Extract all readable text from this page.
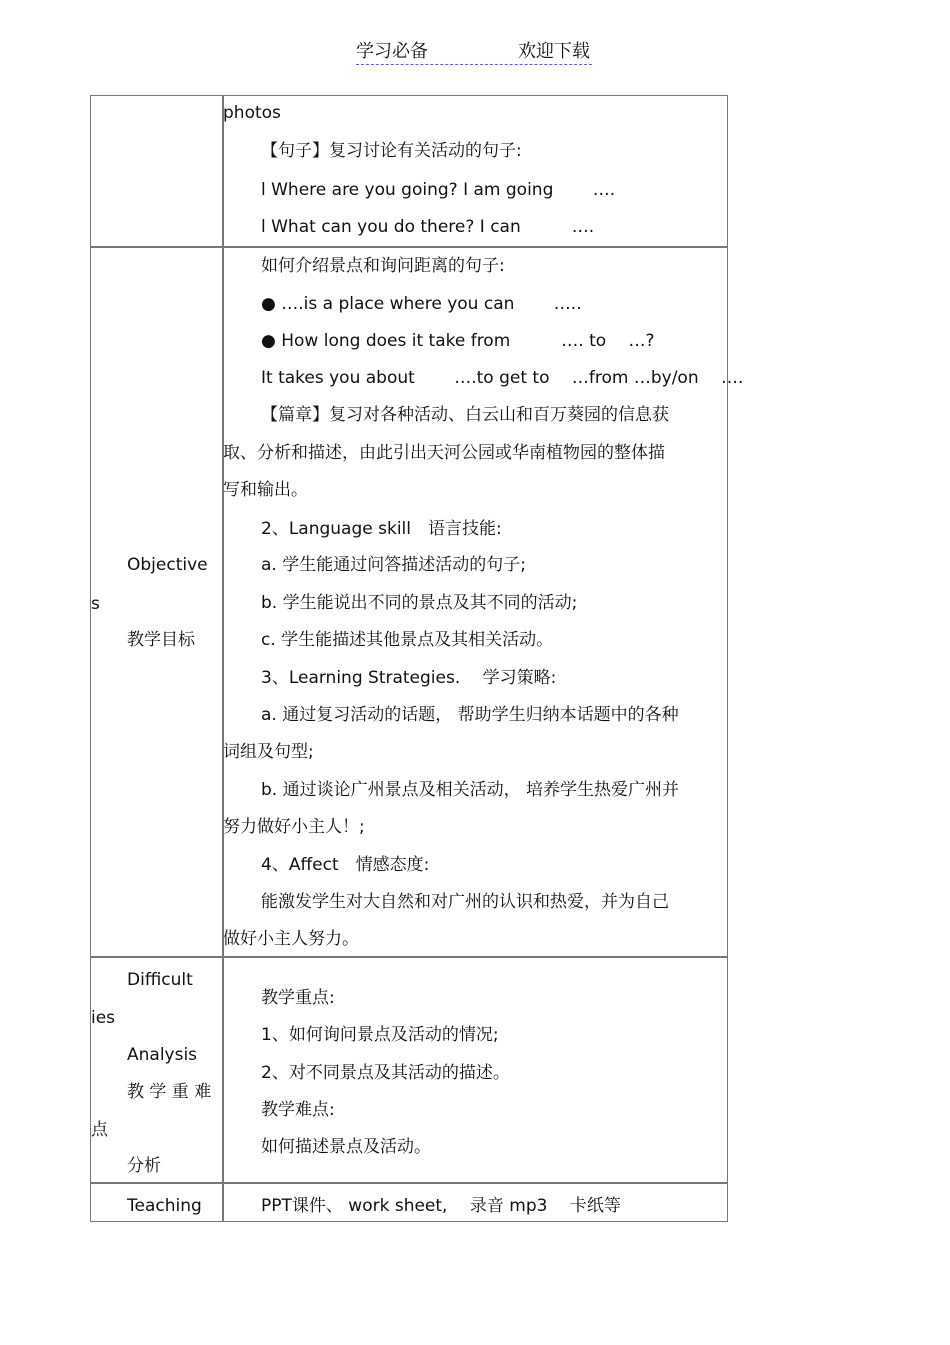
学习必备	欢迎下载
photos
【句子】复习讨论有关活动的句子:
l Where are you going? I am going　　 ….
l What can you do there? I can　　　….
Objective
s
教学目标
如何介绍景点和询问距离的句子:
● ….is a place where you can　　 …..
● How long does it take from　　　…. to　 …?
It takes you about　　 ….to get to　 …from …by/on　 ….
【篇章】复习对各种活动、白云山和百万葵园的信息获
取、分析和描述，由此引出天河公园或华南植物园的整体描
写和输出。
2、Language skill　语言技能:
a. 学生能通过问答描述活动的句子;
b. 学生能说出不同的景点及其不同的活动;
c. 学生能描述其他景点及其相关活动。
3、Learning Strategies.　 学习策略:
a. 通过复习活动的话题， 帮助学生归纳本话题中的各种
词组及句型;
b. 通过谈论广州景点及相关活动， 培养学生热爱广州并
努力做好小主人！;
4、Affect　情感态度:
能激发学生对大自然和对广州的认识和热爱，并为自己
做好小主人努力。
Difficult
ies
Analysis
教 学 重 难
点
分析
教学重点:
1、如何询问景点及活动的情况;
2、对不同景点及其活动的描述。
教学难点:
如何描述景点及活动。
Teaching	PPT课件、 work sheet,　 录音 mp3　 卡纸等
